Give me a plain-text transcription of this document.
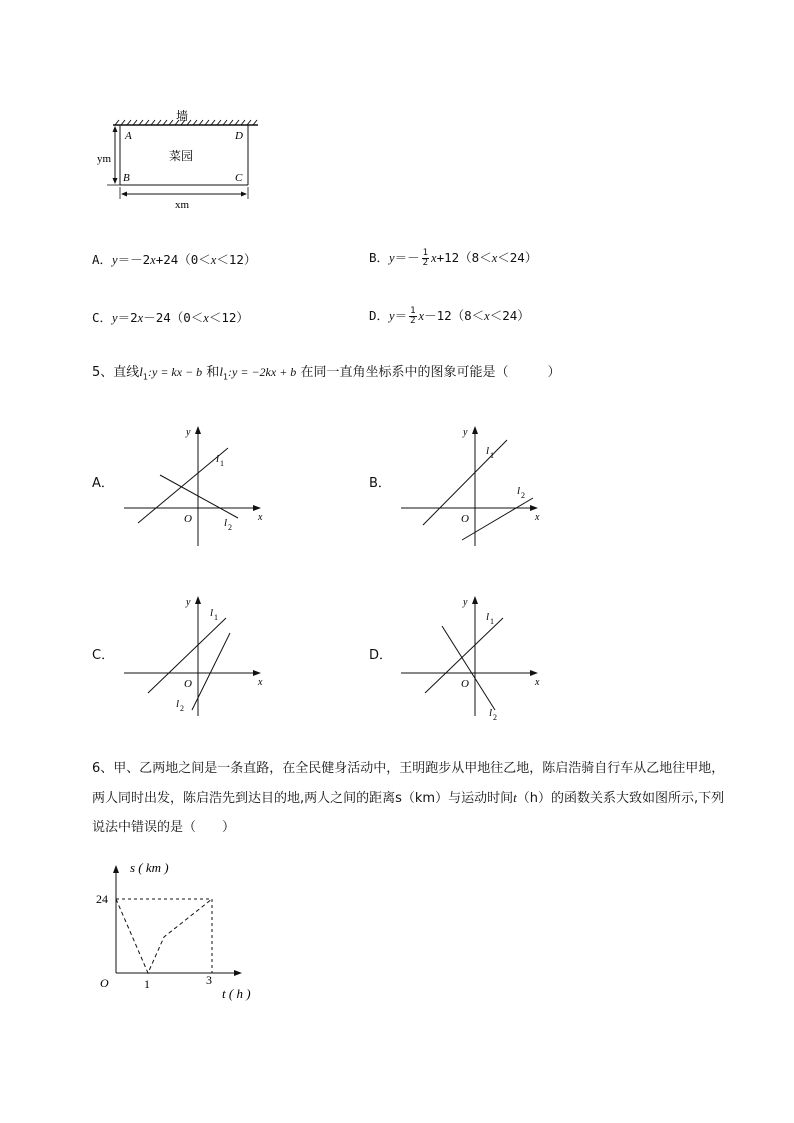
墙
菜园
A	D
B	C
ym
xm
A．y＝－2x+24（0＜x＜12）	B．$y=- \frac{1}{2} x+12(8<x<24)$
C．y＝2x－24（0＜x＜12）	D．$y= \frac{1}{2} x-12(8<x<24)$
5、直线$l_1:y$ = kx − b 和$l_1:y = -2kx + b$ 在同一直角坐标系中的图象可能是（　　　）
A．	B．
C．	D．
x
y
O
l 1
l 2
x
y
O
l 1
l 2
x
y
O
l 1
l 2
x
y
O
l 1
l 2
6、甲、乙两地之间是一条直路，在全民健身活动中，王明跑步从甲地往乙地，陈启浩骑自行车从乙地往甲地，两人同时出发，陈启浩先到达目的地,两人之间的距离s（km）与运动时间t（h）的函数关系大致如图所示,下列说法中错误的是（　　）
s ( km )
t ( h )
O
24
1	3
